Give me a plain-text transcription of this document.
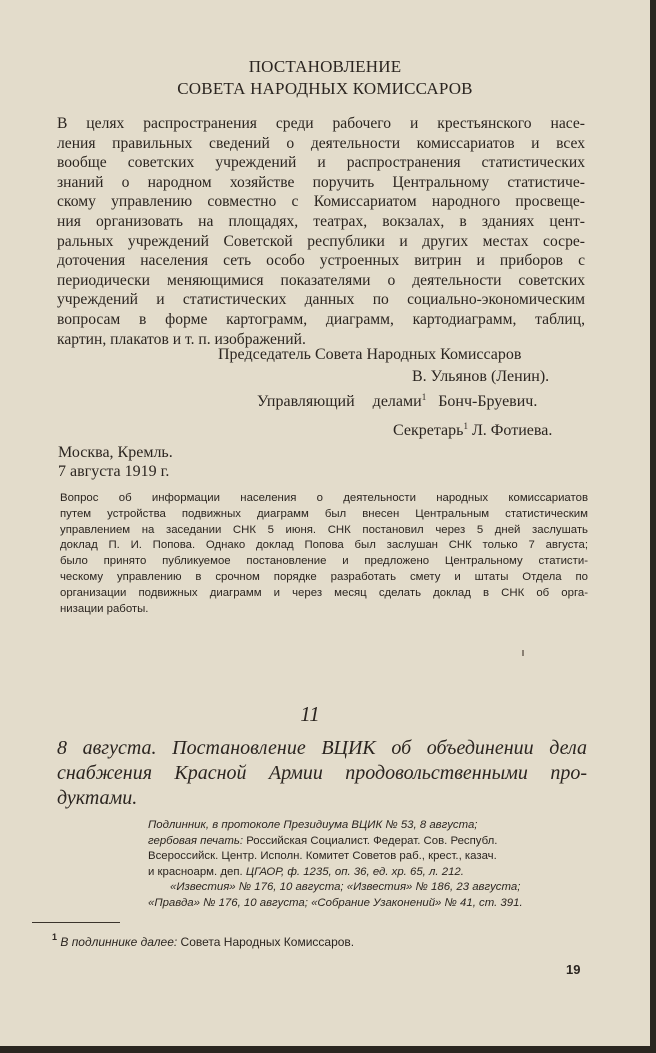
ПОСТАНОВЛЕНИЕ
СОВЕТА НАРОДНЫХ КОМИССАРОВ
В целях распространения среди рабочего и крестьянского насе-
ления правильных сведений о деятельности комиссариатов и всех
вообще советских учреждений и распространения статистических
знаний о народном хозяйстве поручить Центральному статистиче-
скому управлению совместно с Комиссариатом народного просвеще-
ния организовать на площадях, театрах, вокзалах, в зданиях цент-
ральных учреждений Советской республики и других местах сосре-
доточения населения сеть особо устроенных витрин и приборов с
периодически меняющимися показателями о деятельности советских
учреждений и статистических данных по социально-экономическим
вопросам в форме картограмм, диаграмм, картодиаграмм, таблиц,
картин, плакатов и т. п. изображений.
Председатель Совета Народных Комиссаров
В. Ульянов (Ленин).
Управляющий делами$^1$ Бонч-Бруевич.
Секретарь$^1$ Л. Фотиева.
Москва, Кремль.
7 августа 1919 г.
Вопрос об информации населения о деятельности народных комиссариатов
путем устройства подвижных диаграмм был внесен Центральным статистическим
управлением на заседании СНК 5 июня. СНК постановил через 5 дней заслушать
доклад П. И. Попова. Однако доклад Попова был заслушан СНК только 7 августа;
было принято публикуемое постановление и предложено Центральному статисти-
ческому управлению в срочном порядке разработать смету и штаты Отдела по
организации подвижных диаграмм и через месяц сделать доклад в СНК об орга-
низации работы.
11
8 августа. Постановление ВЦИК об объединении дела
снабжения Красной Армии продовольственными про-
дуктами.
Подлинник, в протоколе Президиума ВЦИК № 53, 8 августа;
гербовая печать: Российская Социалист. Федерат. Сов. Республ.
Всероссийск. Центр. Исполн. Комитет Советов раб., крест., казач.
и красноарм. деп. ЦГАОР, ф. 1235, оп. 36, ед. хр. 65, л. 212.
«Известия» № 176, 10 августа; «Известия» № 186, 23 августа;
«Правда» № 176, 10 августа; «Собрание Узаконений» № 41, ст. 391.
$^1$ В подлиннике далее: Совета Народных Комиссаров.
19
